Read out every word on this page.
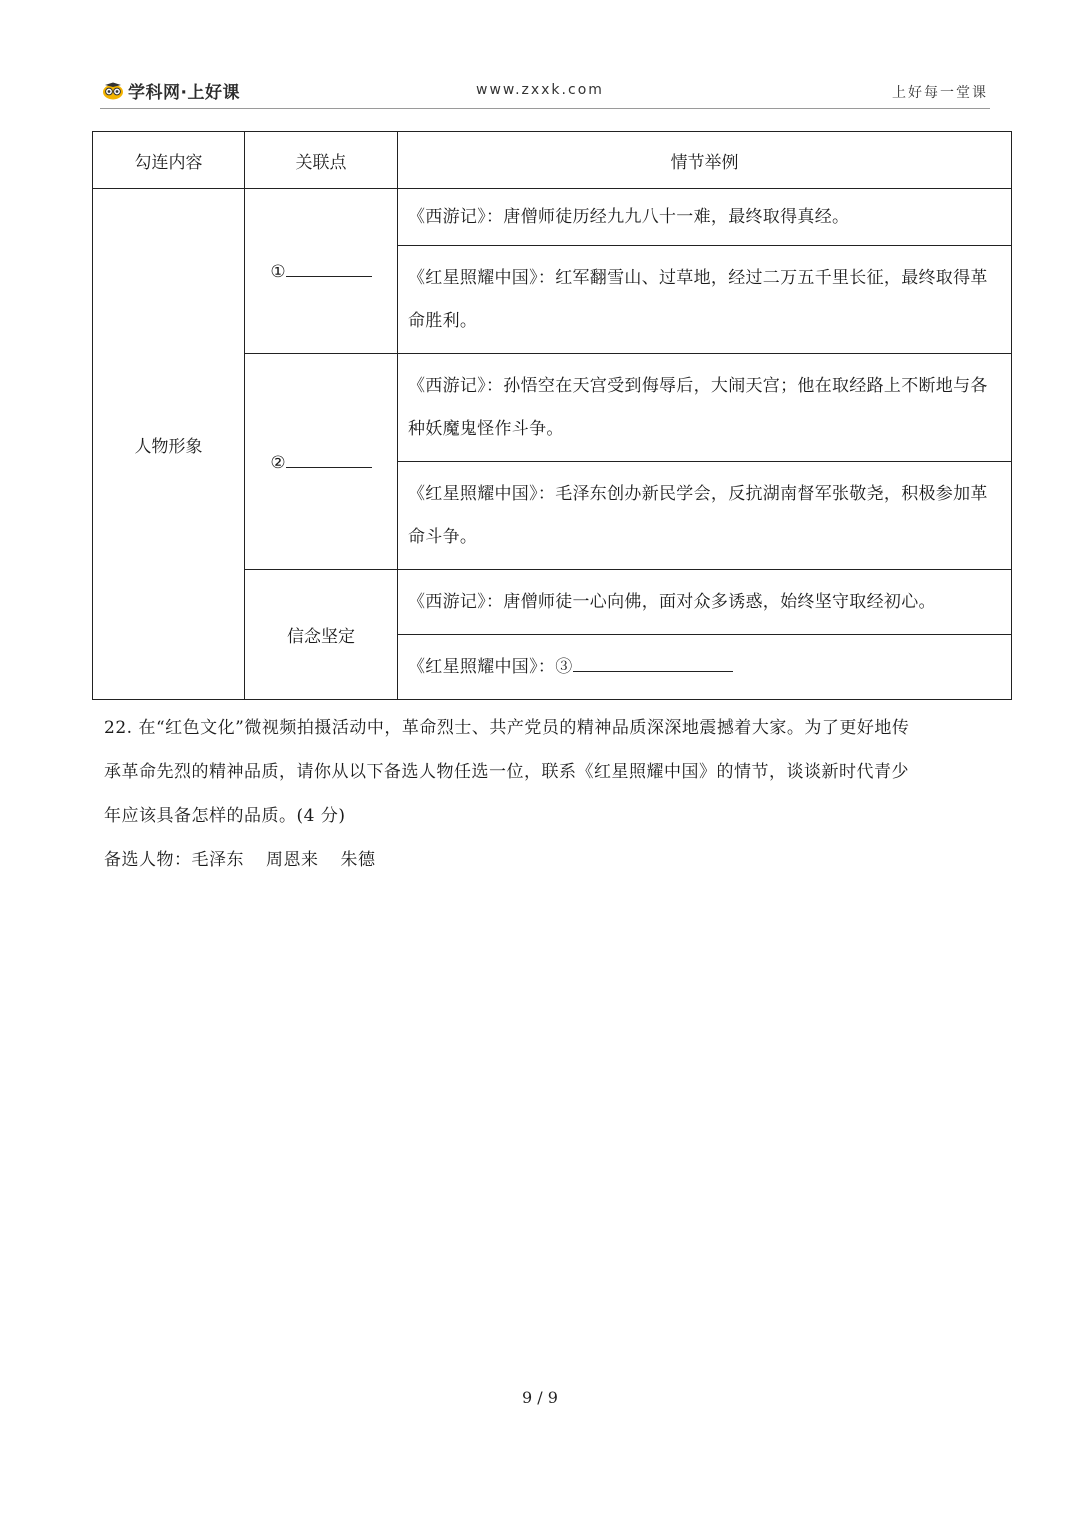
学科网·上好课	www.zxxk.com	上好每一堂课
勾连内容	关联点	情节举例
人物形象	①	《西游记》：唐僧师徒历经九九八十一难，最终取得真经。
		《红星照耀中国》：红军翻雪山、过草地，经过二万五千里长征，最终取得革命胜利。
	②	《西游记》：孙悟空在天宫受到侮辱后，大闹天宫；他在取经路上不断地与各种妖魔鬼怪作斗争。
		《红星照耀中国》：毛泽东创办新民学会，反抗湖南督军张敬尧，积极参加革命斗争。
	信念坚定	《西游记》：唐僧师徒一心向佛，面对众多诱惑，始终坚守取经初心。
		《红星照耀中国》：③

22. 在“红色文化”微视频拍摄活动中，革命烈士、共产党员的精神品质深深地震撼着大家。为了更好地传

承革命先烈的精神品质，请你从以下备选人物任选一位，联系《红星照耀中国》的情节，谈谈新时代青少

年应该具备怎样的品质。(4 分)

备选人物：毛泽东 周恩来 朱德

9 / 9
